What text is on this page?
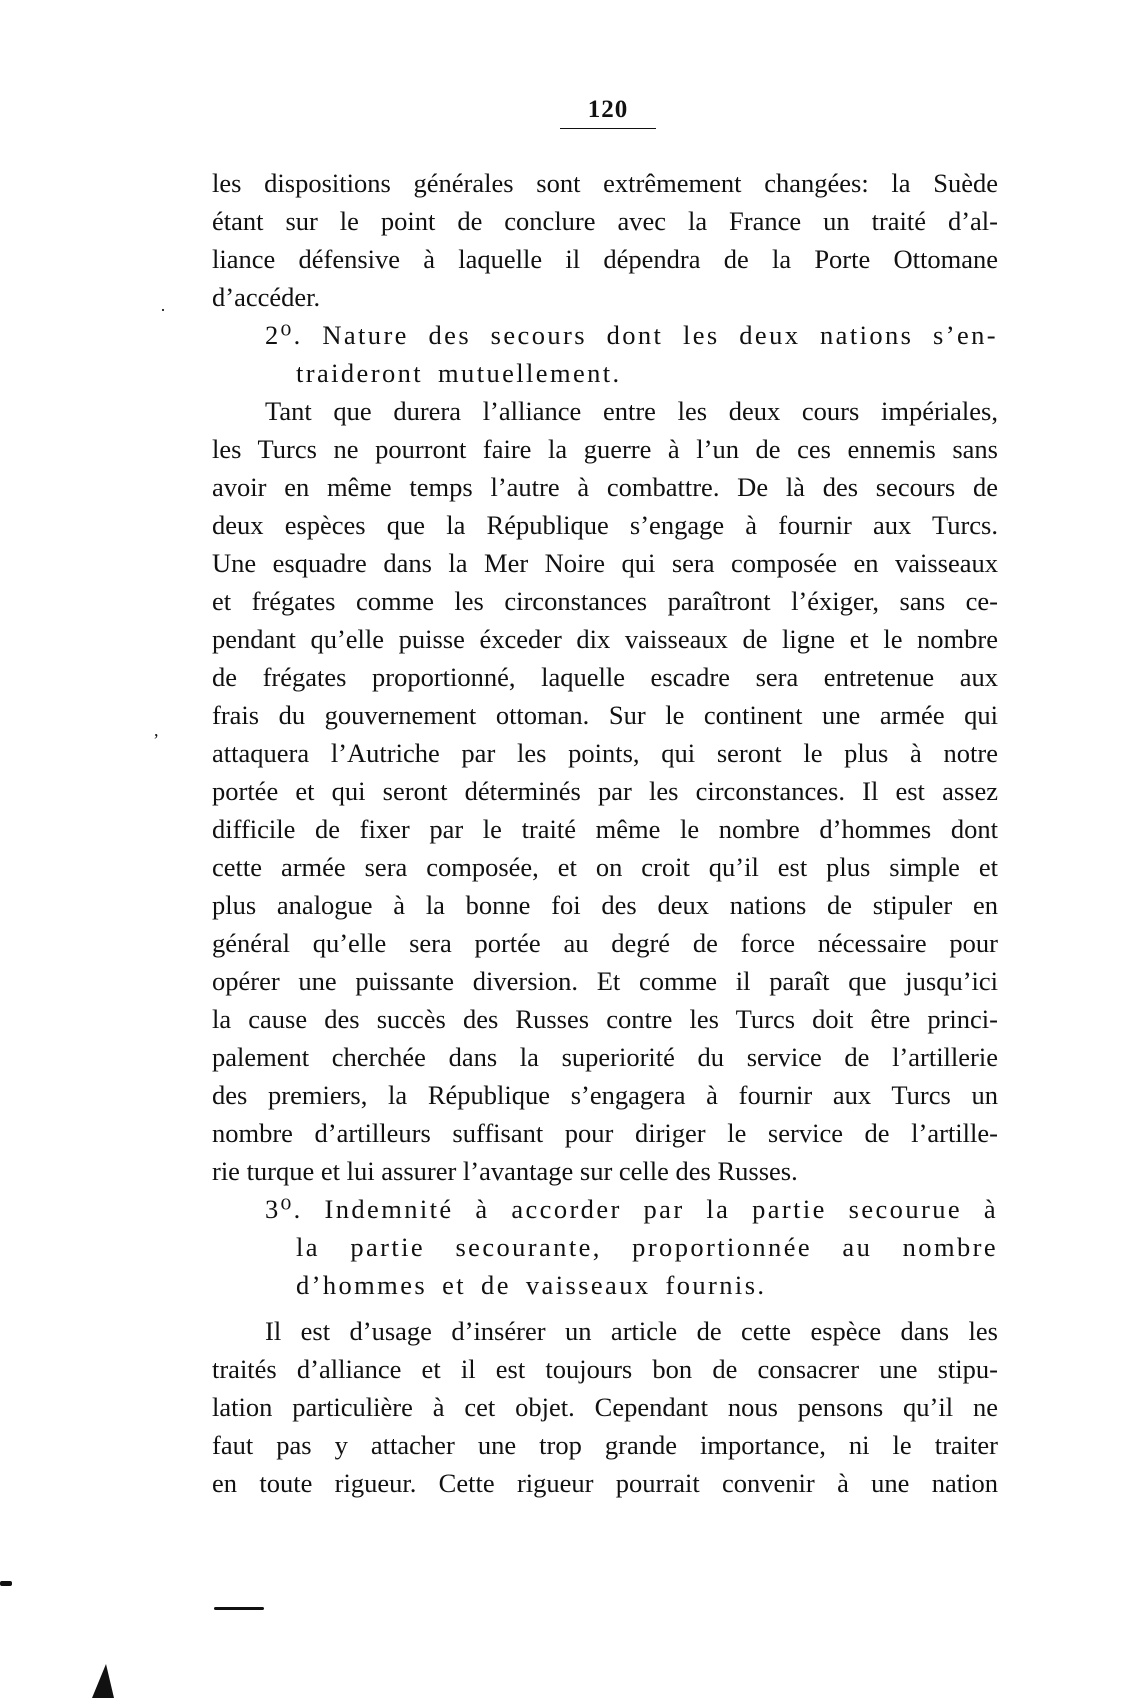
120
les dispositions générales sont extrêmement changées: la Suède
étant sur le point de conclure avec la France un traité d’al-
liance défensive à laquelle il dépendra de la Porte Ottomane
d’accéder.
2⁰. Nature des secours dont les deux nations s’en-
traideront mutuellement.
Tant que durera l’alliance entre les deux cours impériales,
les Turcs ne pourront faire la guerre à l’un de ces ennemis sans
avoir en même temps l’autre à combattre. De là des secours de
deux espèces que la République s’engage à fournir aux Turcs.
Une esquadre dans la Mer Noire qui sera composée en vaisseaux
et frégates comme les circonstances paraîtront l’éxiger, sans ce-
pendant qu’elle puisse éxceder dix vaisseaux de ligne et le nombre
de frégates proportionné, laquelle escadre sera entretenue aux
frais du gouvernement ottoman. Sur le continent une armée qui
attaquera l’Autriche par les points, qui seront le plus à notre
portée et qui seront déterminés par les circonstances. Il est assez
difficile de fixer par le traité même le nombre d’hommes dont
cette armée sera composée, et on croit qu’il est plus simple et
plus analogue à la bonne foi des deux nations de stipuler en
général qu’elle sera portée au degré de force nécessaire pour
opérer une puissante diversion. Et comme il paraît que jusqu’ici
la cause des succès des Russes contre les Turcs doit être princi-
palement cherchée dans la superiorité du service de l’artillerie
des premiers, la République s’engagera à fournir aux Turcs un
nombre d’artilleurs suffisant pour diriger le service de l’artille-
rie turque et lui assurer l’avantage sur celle des Russes.
3⁰. Indemnité à accorder par la partie secourue à
la partie secourante, proportionnée au nombre
d’hommes et de vaisseaux fournis.
Il est d’usage d’insérer un article de cette espèce dans les
traités d’alliance et il est toujours bon de consacrer une stipu-
lation particulière à cet objet. Cependant nous pensons qu’il ne
faut pas y attacher une trop grande importance, ni le traiter
en toute rigueur. Cette rigueur pourrait convenir à une nation
·
,
